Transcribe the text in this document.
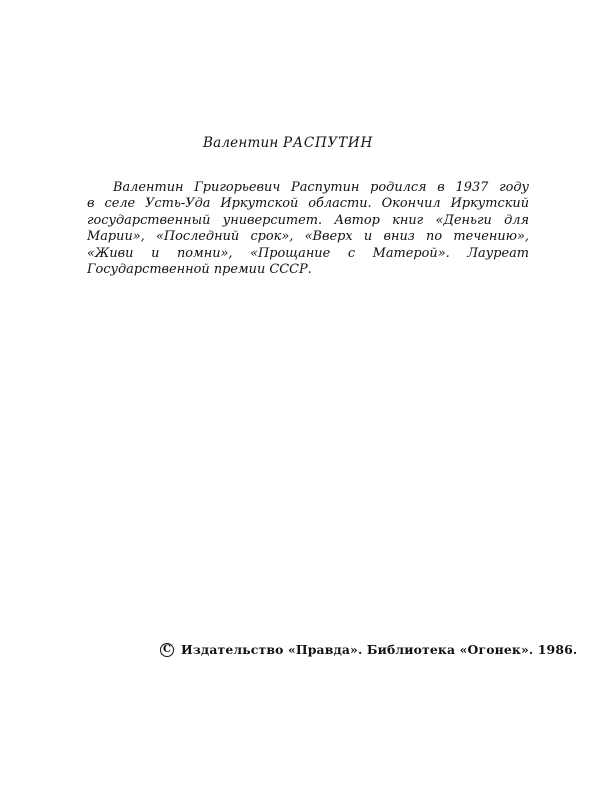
Валентин РАСПУТИН
Валентин Григорьевич Распутин родился в 1937 году
в селе Усть-Уда Иркутской области. Окончил Иркутский
государственный университет. Автор книг «Деньги для
Марии», «Последний срок», «Вверх и вниз по течению»,
«Живи и помни», «Прощание с Матерой». Лауреат
Государственной премии СССР.
C Издательство «Правда». Библиотека «Огонек». 1986.
